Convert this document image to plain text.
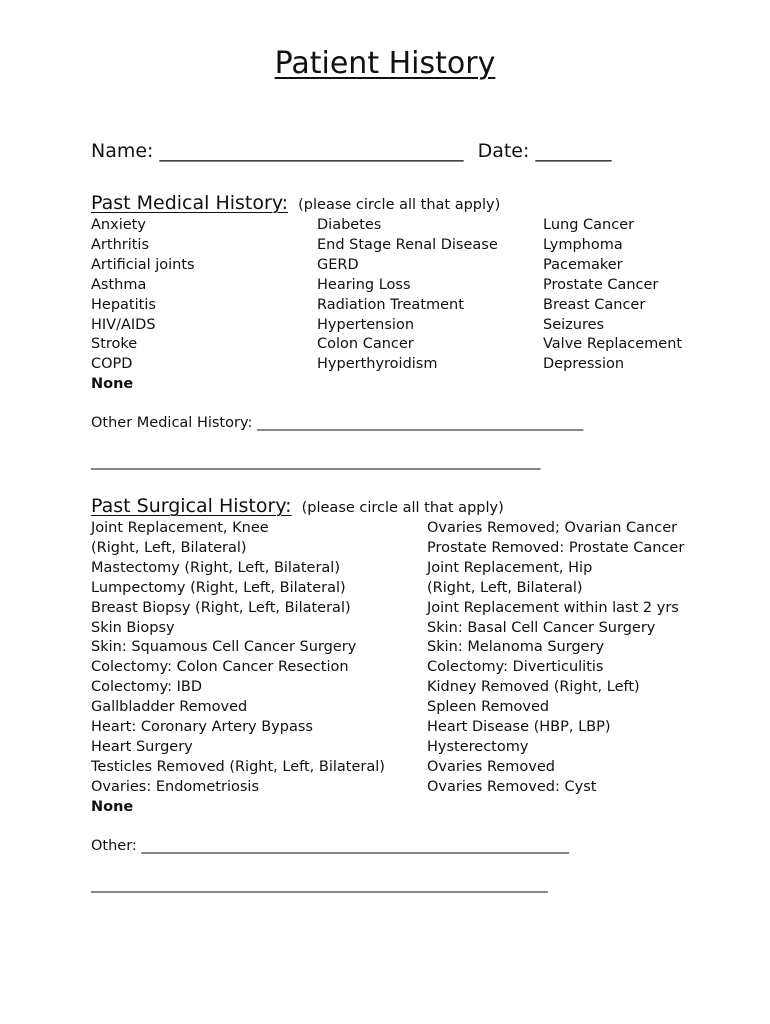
Patient History
Name: ________________________________ Date: ________
Past Medical History: (please circle all that apply)
Anxiety
Arthritis
Artificial joints
Asthma
Hepatitis
HIV/AIDS
Stroke
COPD
None
Diabetes
End Stage Renal Disease
GERD
Hearing Loss
Radiation Treatment
Hypertension
Colon Cancer
Hyperthyroidism
Lung Cancer
Lymphoma
Pacemaker
Prostate Cancer
Breast Cancer
Seizures
Valve Replacement
Depression
Other Medical History: _____________________________________________
______________________________________________________________
Past Surgical History: (please circle all that apply)
Joint Replacement, Knee
(Right, Left, Bilateral)
Mastectomy (Right, Left, Bilateral)
Lumpectomy (Right, Left, Bilateral)
Breast Biopsy (Right, Left, Bilateral)
Skin Biopsy
Skin: Squamous Cell Cancer Surgery
Colectomy: Colon Cancer Resection
Colectomy: IBD
Gallbladder Removed
Heart: Coronary Artery Bypass
Heart Surgery
Testicles Removed (Right, Left, Bilateral)
Ovaries: Endometriosis
None
Ovaries Removed; Ovarian Cancer
Prostate Removed: Prostate Cancer
Joint Replacement, Hip
(Right, Left, Bilateral)
Joint Replacement within last 2 yrs
Skin: Basal Cell Cancer Surgery
Skin: Melanoma Surgery
Colectomy: Diverticulitis
Kidney Removed (Right, Left)
Spleen Removed
Heart Disease (HBP, LBP)
Hysterectomy
Ovaries Removed
Ovaries Removed: Cyst
Other: ___________________________________________________________
_______________________________________________________________
